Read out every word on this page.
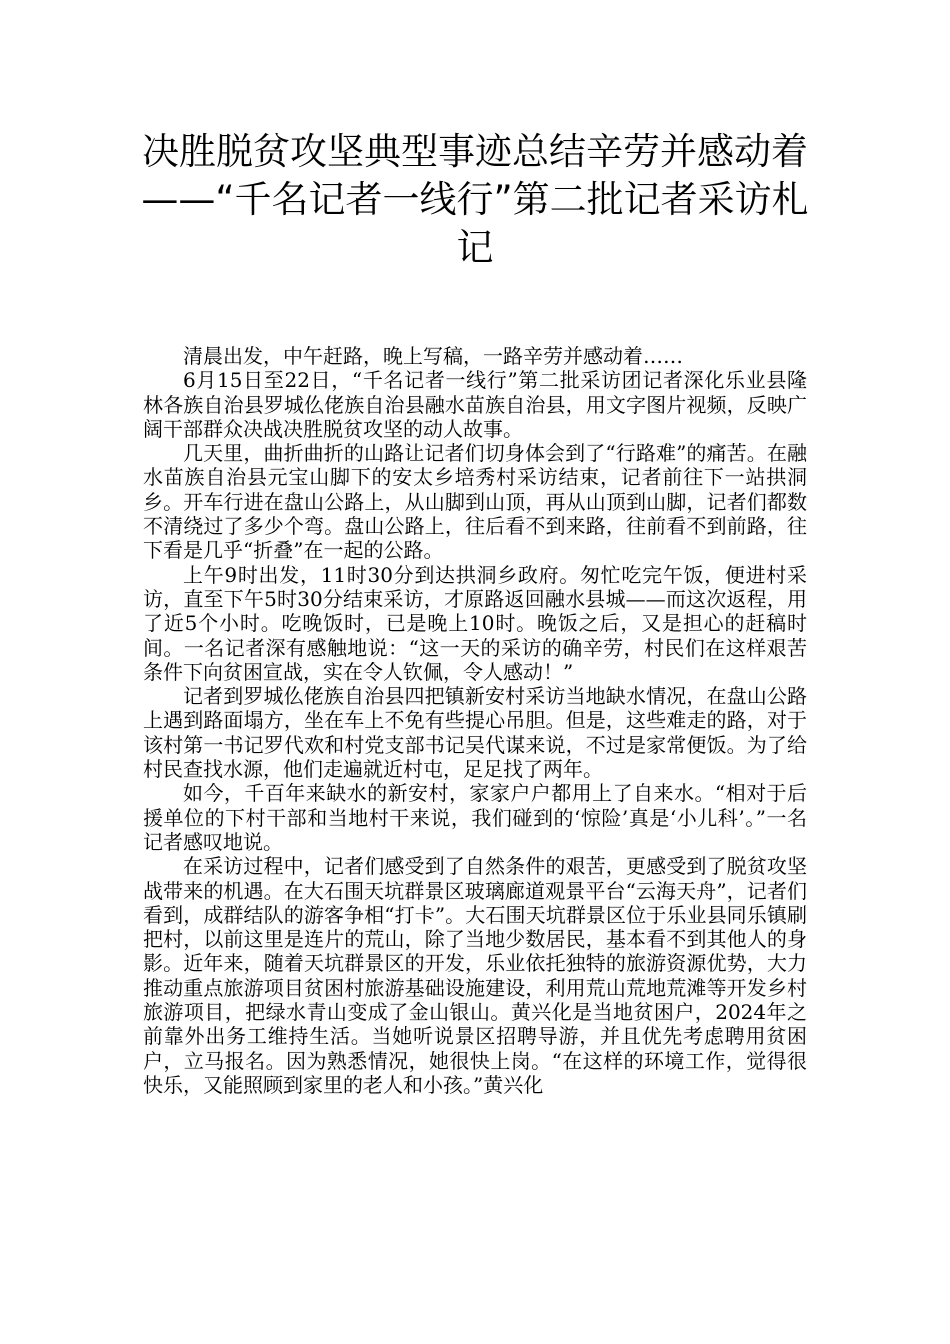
决胜脱贫攻坚典型事迹总结辛劳并感动着——“千名记者一线行”第二批记者采访札记

清晨出发，中午赶路，晚上写稿，一路辛劳并感动着……

6月15日至22日，“千名记者一线行”第二批采访团记者深化乐业县隆林各族自治县罗城仫佬族自治县融水苗族自治县，用文字图片视频，反映广阔干部群众决战决胜脱贫攻坚的动人故事。

几天里，曲折曲折的山路让记者们切身体会到了“行路难”的痛苦。在融水苗族自治县元宝山脚下的安太乡培秀村采访结束，记者前往下一站拱洞乡。开车行进在盘山公路上，从山脚到山顶，再从山顶到山脚，记者们都数不清绕过了多少个弯。盘山公路上，往后看不到来路，往前看不到前路，往下看是几乎“折叠”在一起的公路。

上午9时出发，11时30分到达拱洞乡政府。匆忙吃完午饭，便进村采访，直至下午5时30分结束采访，才原路返回融水县城——而这次返程，用了近5个小时。吃晚饭时，已是晚上10时。晚饭之后，又是担心的赶稿时间。一名记者深有感触地说：“这一天的采访的确辛劳，村民们在这样艰苦条件下向贫困宣战，实在令人钦佩，令人感动！”

记者到罗城仫佬族自治县四把镇新安村采访当地缺水情况，在盘山公路上遇到路面塌方，坐在车上不免有些提心吊胆。但是，这些难走的路，对于该村第一书记罗代欢和村党支部书记吴代谋来说，不过是家常便饭。为了给村民查找水源，他们走遍就近村屯，足足找了两年。

如今，千百年来缺水的新安村，家家户户都用上了自来水。“相对于后援单位的下村干部和当地村干来说，我们碰到的‘惊险’真是‘小儿科’。”一名记者感叹地说。

在采访过程中，记者们感受到了自然条件的艰苦，更感受到了脱贫攻坚战带来的机遇。在大石围天坑群景区玻璃廊道观景平台“云海天舟”，记者们看到，成群结队的游客争相“打卡”。大石围天坑群景区位于乐业县同乐镇刷把村，以前这里是连片的荒山，除了当地少数居民，基本看不到其他人的身影。近年来，随着天坑群景区的开发，乐业依托独特的旅游资源优势，大力推动重点旅游项目贫困村旅游基础设施建设，利用荒山荒地荒滩等开发乡村旅游项目，把绿水青山变成了金山银山。黄兴化是当地贫困户，2024年之前靠外出务工维持生活。当她听说景区招聘导游，并且优先考虑聘用贫困户，立马报名。因为熟悉情况，她很快上岗。“在这样的环境工作，觉得很快乐，又能照顾到家里的老人和小孩。”黄兴化
